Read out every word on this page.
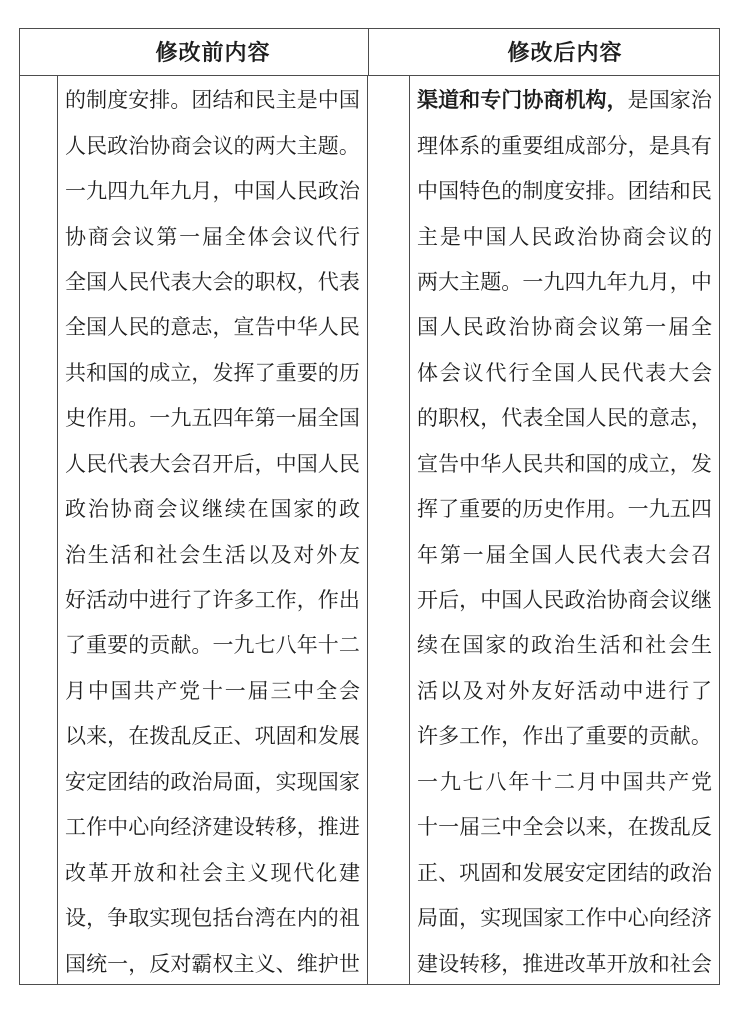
修改前内容	修改后内容
的 制 度 安 排 。 团 结 和 民 主 是 中 国
人 民 政 治 协 商 会 议 的 两 大 主 题 。
一 九 四 九 年 九 月 ， 中 国 人 民 政 治
协 商 会 议 第 一 届 全 体 会 议 代 行
全 国 人 民 代 表 大 会 的 职 权 ， 代 表
全 国 人 民 的 意 志 ， 宣 告 中 华 人 民
共 和 国 的 成 立 ， 发 挥 了 重 要 的 历
史 作 用 。 一 九 五 四 年 第 一 届 全 国
人 民 代 表 大 会 召 开 后 ， 中 国 人 民
政 治 协 商 会 议 继 续 在 国 家 的 政
治 生 活 和 社 会 生 活 以 及 对 外 友
好 活 动 中 进 行 了 许 多 工 作 ， 作 出
了 重 要 的 贡 献 。 一 九 七 八 年 十 二
月 中 国 共 产 党 十 一 届 三 中 全 会
以 来 ， 在 拨 乱 反 正 、 巩 固 和 发 展
安 定 团 结 的 政 治 局 面 ， 实 现 国 家
工 作 中 心 向 经 济 建 设 转 移 ， 推 进
改 革 开 放 和 社 会 主 义 现 代 化 建
设 ， 争 取 实 现 包 括 台 湾 在 内 的 祖
国 统 一 ， 反 对 霸 权 主 义 、 维 护 世
渠 道 和 专 门 协 商 机 构 ， 是 国 家 治
理 体 系 的 重 要 组 成 部 分 ， 是 具 有
中 国 特 色 的 制 度 安 排 。 团 结 和 民
主 是 中 国 人 民 政 治 协 商 会 议 的
两 大 主 题 。 一 九 四 九 年 九 月 ， 中
国 人 民 政 治 协 商 会 议 第 一 届 全
体 会 议 代 行 全 国 人 民 代 表 大 会
的 职 权 ， 代 表 全 国 人 民 的 意 志 ，
宣 告 中 华 人 民 共 和 国 的 成 立 ， 发
挥 了 重 要 的 历 史 作 用 。 一 九 五 四
年 第 一 届 全 国 人 民 代 表 大 会 召
开 后 ， 中 国 人 民 政 治 协 商 会 议 继
续 在 国 家 的 政 治 生 活 和 社 会 生
活 以 及 对 外 友 好 活 动 中 进 行 了
许 多 工 作 ， 作 出 了 重 要 的 贡 献 。
一 九 七 八 年 十 二 月 中 国 共 产 党
十 一 届 三 中 全 会 以 来 ， 在 拨 乱 反
正 、 巩 固 和 发 展 安 定 团 结 的 政 治
局 面 ， 实 现 国 家 工 作 中 心 向 经 济
建 设 转 移 ， 推 进 改 革 开 放 和 社 会
